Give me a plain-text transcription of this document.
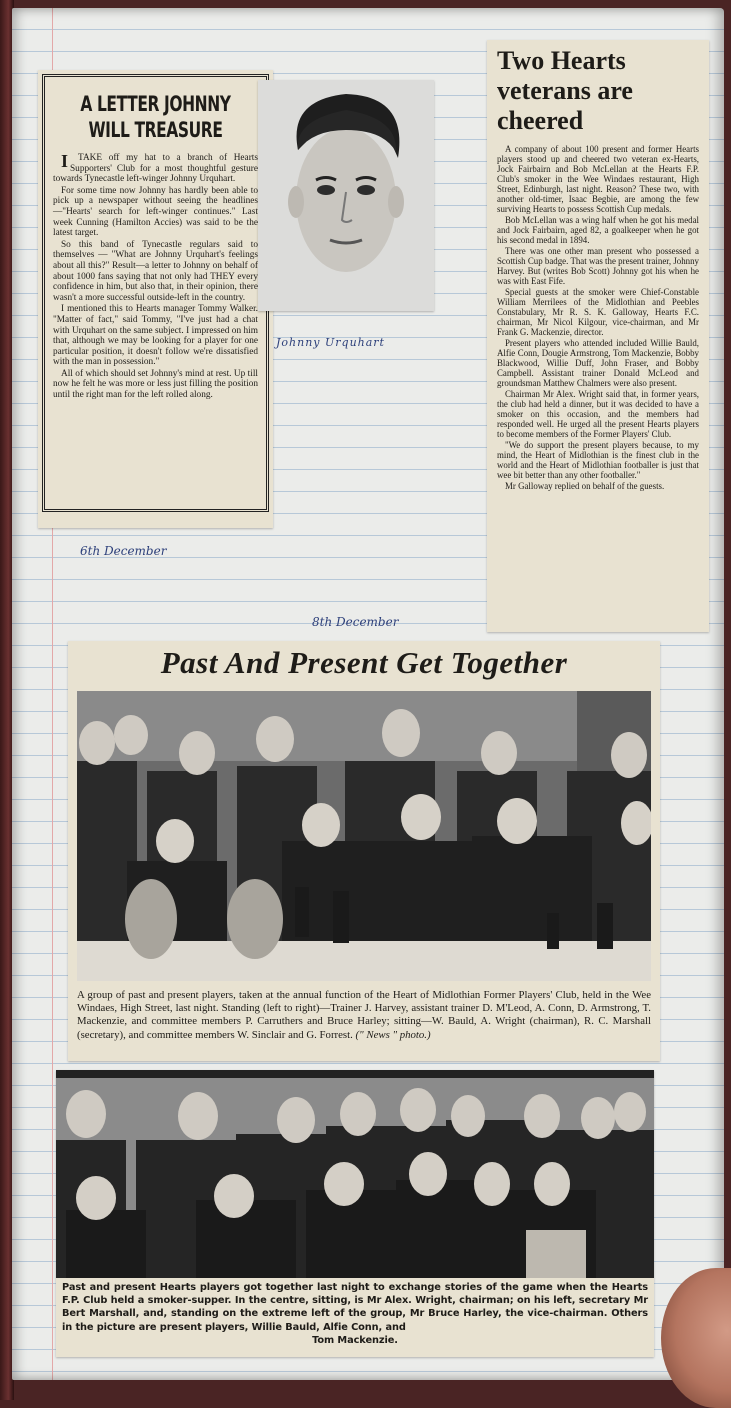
A LETTER JOHNNY WILL TREASURE

ITAKE off my hat to a branch of Hearts Supporters' Club for a most thoughtful gesture towards Tynecastle left-winger Johnny Urquhart.

For some time now Johnny has hardly been able to pick up a newspaper without seeing the headlines—"Hearts' search for left-winger continues." Last week Cunning (Hamilton Accies) was said to be the latest target.

So this band of Tynecastle regulars said to themselves — "What are Johnny Urquhart's feelings about all this?" Result—a letter to Johnny on behalf of about 1000 fans saying that not only had THEY every confidence in him, but also that, in their opinion, there wasn't a more successful outside-left in the country.

I mentioned this to Hearts manager Tommy Walker. "Matter of fact," said Tommy, "I've just had a chat with Urquhart on the same subject. I impressed on him that, although we may be looking for a player for one particular position, it doesn't follow we're dissatisfied with the man in possession."

All of which should set Johnny's mind at rest. Up till now he felt he was more or less just filling the position until the right man for the left rolled along.

Johnny Urquhart
6th December
8th December
Two Hearts veterans are cheered

A company of about 100 present and former Hearts players stood up and cheered two veteran ex-Hearts, Jock Fairbairn and Bob McLellan at the Hearts F.P. Club's smoker in the Wee Windaes restaurant, High Street, Edinburgh, last night. Reason? These two, with another old-timer, Isaac Begbie, are among the few surviving Hearts to possess Scottish Cup medals.

Bob McLellan was a wing half when he got his medal and Jock Fairbairn, aged 82, a goalkeeper when he got his second medal in 1894.

There was one other man present who possessed a Scottish Cup badge. That was the present trainer, Johnny Harvey. But (writes Bob Scott) Johnny got his when he was with East Fife.

Special guests at the smoker were Chief-Constable William Merrilees of the Midlothian and Peebles Constabulary, Mr R. S. K. Galloway, Hearts F.C. chairman, Mr Nicol Kilgour, vice-chairman, and Mr Frank G. Mackenzie, director.

Present players who attended included Willie Bauld, Alfie Conn, Dougie Armstrong, Tom Mackenzie, Bobby Blackwood, Willie Duff, John Fraser, and Bobby Campbell. Assistant trainer Donald McLeod and groundsman Matthew Chalmers were also present.

Chairman Mr Alex. Wright said that, in former years, the club had held a dinner, but it was decided to have a smoker on this occasion, and the members had responded well. He urged all the present Hearts players to become members of the Former Players' Club.

"We do support the present players because, to my mind, the Heart of Midlothian is the finest club in the world and the Heart of Midlothian footballer is just that wee bit better than any other footballer."

Mr Galloway replied on behalf of the guests.

Past And Present Get Together
A group of past and present players, taken at the annual function of the Heart of Midlothian Former Players' Club, held in the Wee Windaes, High Street, last night. Standing (left to right)—Trainer J. Harvey, assistant trainer D. M'Leod, A. Conn, D. Armstrong, T. Mackenzie, and committee members P. Carruthers and Bruce Harley; sitting—W. Bauld, A. Wright (chairman), R. C. Marshall (secretary), and committee members W. Sinclair and G. Forrest. (" News " photo.)
Past and present Hearts players got together last night to exchange stories of the game when the Hearts F.P. Club held a smoker-supper. In the centre, sitting, is Mr Alex. Wright, chairman; on his left, secretary Mr Bert Marshall, and, standing on the extreme left of the group, Mr Bruce Harley, the vice-chairman. Others in the picture are present players, Willie Bauld, Alfie Conn, and
Tom Mackenzie.
